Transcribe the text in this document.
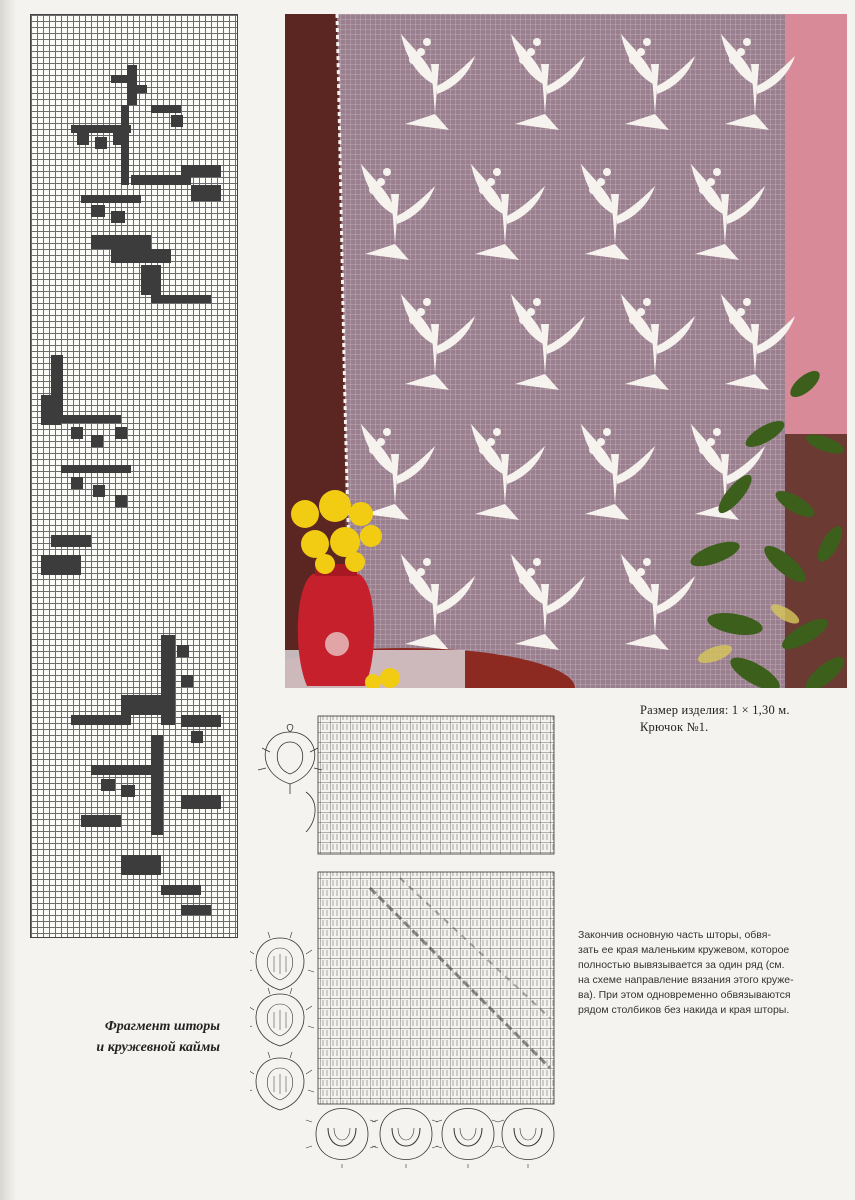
Размер изделия: 1 × 1,30 м.
Крючок №1.
Закончив основную часть шторы, обвя-
зать ее края маленьким кружевом, которое
полностью вывязывается за один ряд (см.
на схеме направление вязания этого круже-
ва). При этом одновременно обвязываются
рядом столбиков без накида и края шторы.
Фрагмент шторы
и кружевной каймы
